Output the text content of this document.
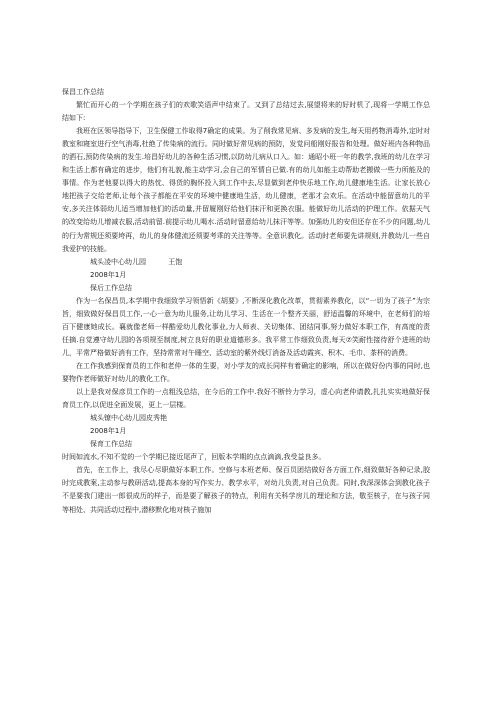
保昌工作总结

繁忙而开心的一个学期在孩子们的欢歌笑语声中结束了。又到了总结过去,展望将来的好时机了,现将一学期工作总结如下:

我班在区领导指导下，卫生保健工作取得7确定的成果。为了削我常见病、多发病的发生,每天用药物消毒外,定时对教室和寝室进行空气消毒,杜绝了传染病的流行。同时做好常见病的预防，发觉问船刚好报告和处理。做好班内各种物品的洒石,预防传染病的发生.培昌好幼儿的各种生活习惯,以防幼儿病从口入。如：通昭小班一年的教学,我班的幼儿在学习和生活上都有确定的进步，他们有礼貌,能主动学习,会自己的军情自已做.有的幼儿如能主动帮助老搬做一些力所能及的事情。作为老他要以得大的热忱、得货的胸怀投入到工作中去,尽显做到老仲快乐地工作,幼儿健康地生活。让家长放心地把孩子交给老师,让每个孩子都能在平安的环境中健康地生活，幼儿健康，老那才会欢乐。在活动中能留意幼儿的平安,多关注体弱幼儿适当增加他们的活动量,并留履刚好给他们抹汗和更换衣服。能做好幼儿活动的护理工作。依据天气的改变给幼儿增减衣服,活动前留.前提示幼儿喝水.活动时留意给幼儿抹汗等等。加强幼儿的安但还存在不少的问题,幼儿的行为常规还须要垮再，幼儿的身体健流还须要考乖的关注等等。全意识教化。活动时老师要先讲规则,并教幼儿一些自我爱护的技能。

城头凌中心幼儿园          王饱

2008年1月

保后工作总结

作为一名保昌员,本学期中我细致学习领悟新《胡要》,不断深化教化改革，贯彻素养教化，以“一切为了孩子”为宗旨，细致做好保昌员工作,一心一意为幼儿服务,让幼儿学习、生活在一个整齐关丽，舒适温馨的环境中，在老师们的培百下健康她成长。襄就像老师一样酷爱幼儿教化事业,力人师表、关切集体、团结同事,努力做好本职工作，有高度的责任摘.自觉遵守幼儿园的各项规至制度,树立良好的职业道德形多。我平常工作细致负责,每天⑦笑耐性接待舒个进班的幼儿，平常严格做好消有工作，坚持常常对午睡空、活动室的紫外线灯消备及活动霞宾、积木、毛巾、茶杯的消费。

在工作我感到保育员的工作和老仲一体的生要，对小学友的成长同样有着确定的影响，所以在做好份内事的同时,也要物作老师做好对幼儿的教化工作。

以上是我对保彦员工作的一点粗浅总结，在今后的工作中.我好不断铃力学习，虚心向老仲请教,扎扎实实地做好保育员工作,以促进全面发展，更上一层楼。

城头镣中心幼儿园皮秀艳

2008年1月

保育工作总结

时间如流水,不知不觉的一个学期已接近尾声了，回版本学期的点点滴滴,我受益良多。

首先，在工作上，我尽心尽职做好本职工作。空修与本班老师、保百员团结做好各方面工作,细致做好各种记录,胶时完成教案,主动参与教研活动,提高本身的写作实力、教学水平，对幼儿负责,对自己负责。同时,我深深体会到教化孩子不是要我门建出一郎很成历的样子，而是要了解孩子的特点，利用有关科学房儿的理论和方法，敬至核子，在与孩子同等相处、共同活动过程中,潜移默化地对核子施加
